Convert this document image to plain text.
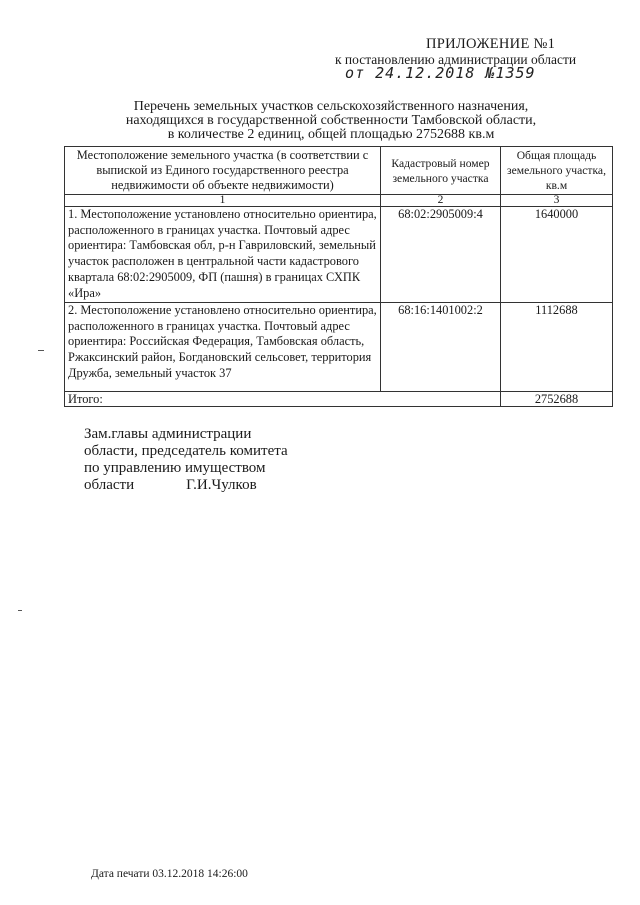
ПРИЛОЖЕНИЕ №1
к постановлению администрации области
от 24.12.2018 №1359
Перечень земельных участков сельскохозяйственного назначения,
находящихся в государственной собственности Тамбовской области,
в количестве 2 единиц, общей площадью 2752688 кв.м
Местоположение земельного участка (в соответствии с выпиской из Единого государственного реестра недвижимости об объекте недвижимости)	Кадастровый номер земельного участка	Общая площадь земельного участка, кв.м
1	2	3
1. Местоположение установлено относительно ориентира, расположенного в границах участка. Почтовый адрес ориентира: Тамбовская обл, р-н Гавриловский, земельный участок расположен в центральной части кадастрового квартала 68:02:2905009, ФП (пашня) в границах СХПК «Ира»	68:02:2905009:4	1640000
2. Местоположение установлено относительно ориентира, расположенного в границах участка. Почтовый адрес ориентира: Российская Федерация, Тамбовская область, Ржаксинский район, Богдановский сельсовет, территория Дружба, земельный участок 37	68:16:1401002:2	1112688
Итого:		2752688
Зам.главы администрации
области, председатель комитета
по управлению имуществом
области	Г.И.Чулков
Дата печати 03.12.2018 14:26:00
